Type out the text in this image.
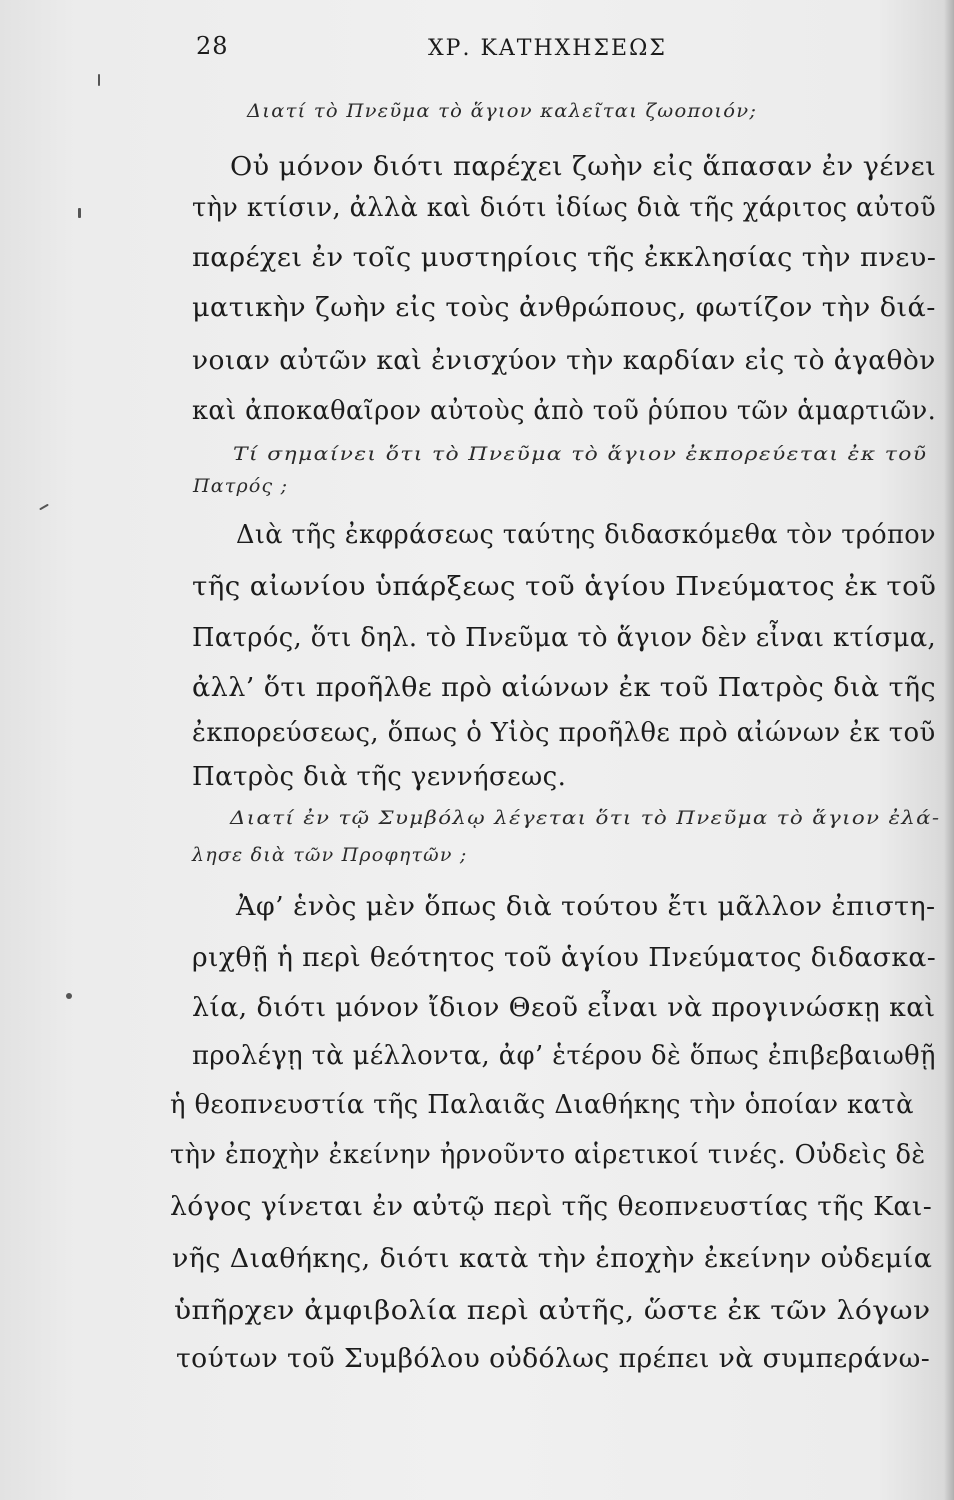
28	ΧΡ. ΚΑΤΗΧΗΣΕΩΣ
Διατί τὸ Πνεῦμα τὸ ἅγιον καλεῖται ζωοποιόν;
Οὐ μόνον διότι παρέχει ζωὴν εἰς ἅπασαν ἐν γένει
τὴν κτίσιν, ἀλλὰ καὶ διότι ἰδίως διὰ τῆς χάριτος αὐτοῦ
παρέχει ἐν τοῖς μυστηρίοις τῆς ἐκκλησίας τὴν πνευ-
ματικὴν ζωὴν εἰς τοὺς ἀνθρώπους, φωτίζον τὴν διά-
νοιαν αὐτῶν καὶ ἐνισχύον τὴν καρδίαν εἰς τὸ ἀγαθὸν
καὶ ἀποκαθαῖρον αὐτοὺς ἀπὸ τοῦ ῥύπου τῶν ἁμαρτιῶν.
Τί σημαίνει ὅτι τὸ Πνεῦμα τὸ ἅγιον ἐκπορεύεται ἐκ τοῦ
Πατρός ;
Διὰ τῆς ἐκφράσεως ταύτης διδασκόμεθα τὸν τρόπον
τῆς αἰωνίου ὑπάρξεως τοῦ ἁγίου Πνεύματος ἐκ τοῦ
Πατρός, ὅτι δηλ. τὸ Πνεῦμα τὸ ἅγιον δὲν εἶναι κτίσμα,
ἀλλ’ ὅτι προῆλθε πρὸ αἰώνων ἐκ τοῦ Πατρὸς διὰ τῆς
ἐκπορεύσεως, ὅπως ὁ Υἱὸς προῆλθε πρὸ αἰώνων ἐκ τοῦ
Πατρὸς διὰ τῆς γεννήσεως.
Διατί ἐν τῷ Συμβόλῳ λέγεται ὅτι τὸ Πνεῦμα τὸ ἅγιον ἐλά-
λησε διὰ τῶν Προφητῶν ;
Ἀφ’ ἑνὸς μὲν ὅπως διὰ τούτου ἔτι μᾶλλον ἐπιστη-
ριχθῇ ἡ περὶ θεότητος τοῦ ἁγίου Πνεύματος διδασκα-
λία, διότι μόνον ἴδιον Θεοῦ εἶναι νὰ προγινώσκῃ καὶ
προλέγῃ τὰ μέλλοντα, ἀφ’ ἑτέρου δὲ ὅπως ἐπιβεβαιωθῇ
ἡ θεοπνευστία τῆς Παλαιᾶς Διαθήκης τὴν ὁποίαν κατὰ
τὴν ἐποχὴν ἐκείνην ἠρνοῦντο αἱρετικοί τινές. Οὐδεὶς δὲ
λόγος γίνεται ἐν αὐτῷ περὶ τῆς θεοπνευστίας τῆς Και-
νῆς Διαθήκης, διότι κατὰ τὴν ἐποχὴν ἐκείνην οὐδεμία
ὑπῆρχεν ἀμφιβολία περὶ αὐτῆς, ὥστε ἐκ τῶν λόγων
τούτων τοῦ Συμβόλου οὐδόλως πρέπει νὰ συμπεράνω-
